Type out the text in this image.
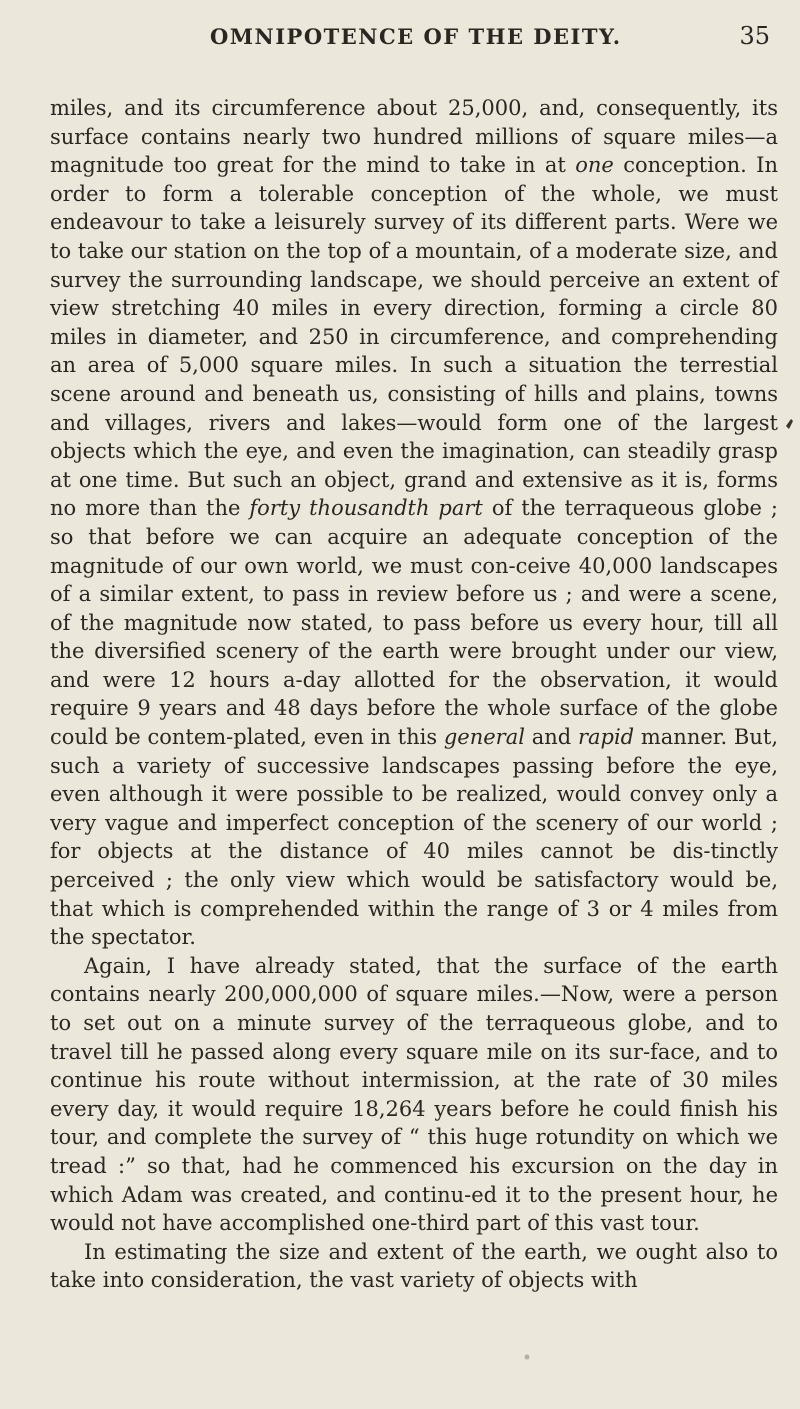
OMNIPOTENCE OF THE DEITY.	35

miles, and its circumference about 25,000, and, consequently, its surface contains nearly two hundred millions of square miles—a magnitude too great for the mind to take in at one conception. In order to form a tolerable conception of the whole, we must endeavour to take a leisurely survey of its different parts. Were we to take our station on the top of a mountain, of a moderate size, and survey the surrounding landscape, we should perceive an extent of view stretching 40 miles in every direction, forming a circle 80 miles in diameter, and 250 in circumference, and comprehending an area of 5,000 square miles. In such a situation the terrestial scene around and beneath us, consisting of hills and plains, towns and villages, rivers and lakes—would form one of the largest objects which the eye, and even the imagination, can steadily grasp at one time. But such an object, grand and extensive as it is, forms no more than the forty thousandth part of the terraqueous globe ; so that before we can acquire an adequate conception of the magnitude of our own world, we must con-ceive 40,000 landscapes of a similar extent, to pass in review before us ; and were a scene, of the magnitude now stated, to pass before us every hour, till all the diversified scenery of the earth were brought under our view, and were 12 hours a-day allotted for the observation, it would require 9 years and 48 days before the whole surface of the globe could be contem-plated, even in this general and rapid manner. But, such a variety of successive landscapes passing before the eye, even although it were possible to be realized, would convey only a very vague and imperfect conception of the scenery of our world ; for objects at the distance of 40 miles cannot be dis-tinctly perceived ; the only view which would be satisfactory would be, that which is comprehended within the range of 3 or 4 miles from the spectator.

Again, I have already stated, that the surface of the earth contains nearly 200,000,000 of square miles.—Now, were a person to set out on a minute survey of the terraqueous globe, and to travel till he passed along every square mile on its sur-face, and to continue his route without intermission, at the rate of 30 miles every day, it would require 18,264 years before he could finish his tour, and complete the survey of “ this huge rotundity on which we tread :” so that, had he commenced his excursion on the day in which Adam was created, and continu-ed it to the present hour, he would not have accomplished one-third part of this vast tour.

In estimating the size and extent of the earth, we ought also to take into consideration, the vast variety of objects with
